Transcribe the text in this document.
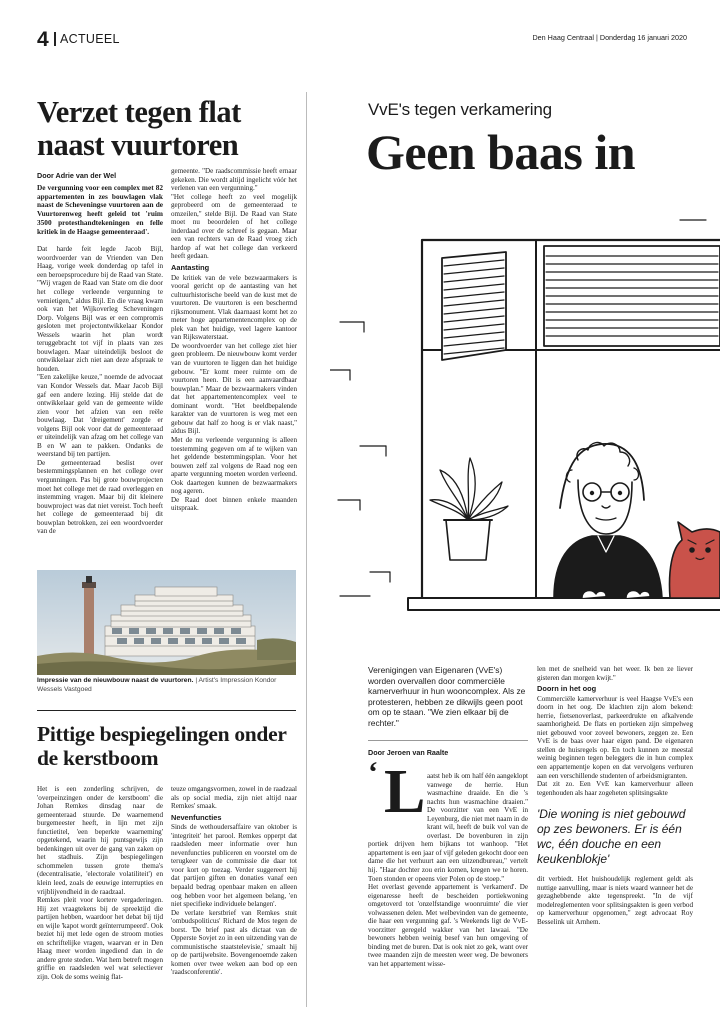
4 ACTUEEL	Den Haag Centraal | Donderdag 16 januari 2020
Verzet tegen flat naast vuurtoren
Door Adrie van der Wel
De vergunning voor een complex met 82 appartementen in zes bouwlagen vlak naast de Scheveningse vuurtoren aan de Vuurtorenweg heeft geleid tot 'ruim 3500 protesthandtekeningen en felle kritiek in de Haagse gemeenteraad'.
Dat harde feit legde Jacob Bijl, woordvoerder van de Vrienden van Den Haag, vorige week donderdag op tafel in een beroepsprocedure bij de Raad van State. "Wij vragen de Raad van State om die door het college verleende vergunning te vernietigen," aldus Bijl. En die vraag kwam ook van het Wijkoverleg Scheveningen Dorp. Volgens Bijl was er een compromis gesloten met projectontwikkelaar Kondor Wessels waarin het plan wordt teruggebracht tot vijf in plaats van zes bouwlagen. Maar uiteindelijk besloot de ontwikkelaar zich niet aan deze afspraak te houden.
"Een zakelijke keuze," noemde de advocaat van Kondor Wessels dat. Maar Jacob Bijl gaf een andere lezing. Hij stelde dat de ontwikkelaar geld van de gemeente wilde zien voor het afzien van een reële bouwlaag. Dat 'dreigement' zorgde er volgens Bijl ook voor dat de gemeenteraad er uiteindelijk van afzag om het college van B en W aan te pakken. Ondanks de weerstand bij ten partijen.
De gemeenteraad beslist over bestemmingsplannen en het college over vergunningen. Pas bij grote bouwprojecten moet het college met de raad overleggen en instemming vragen. Maar bij dit kleinere bouwproject was dat niet vereist. Toch heeft het college de gemeenteraad bij dit bouwplan betrokken, zei een woordvoerder van de
gemeente. "De raadscommissie heeft ernaar gekeken. Die wordt altijd ingelicht vóór het verlenen van een vergunning."
"Het college heeft zo veel mogelijk geprobeerd om de gemeenteraad te omzeilen," stelde Bijl. De Raad van State moet nu beoordelen of het college inderdaad over de schreef is gegaan. Maar een van rechters van de Raad vroeg zich hardop af wat het college dan verkeerd heeft gedaan.
Aantasting
De kritiek van de vele bezwaarmakers is vooral gericht op de aantasting van het cultuurhistorische beeld van de kust met de vuurtoren. De vuurtoren is een beschermd rijksmonument. Vlak daarnaast komt het zo meter hoge appartementencomplex op de plek van het huidige, veel lagere kantoor van Rijkswaterstaat.
De woordvoerder van het college ziet hier geen probleem. De nieuwbouw komt verder van de vuurtoren te liggen dan het huidige gebouw. "Er komt meer ruimte om de vuurtoren heen. Dit is een aanvaardbaar bouwplan." Maar de bezwaarmakers vinden dat het appartementencomplex veel te dominant wordt. "Het beeldbepalende karakter van de vuurtoren is weg met een gebouw dat half zo hoog is er vlak naast," aldus Bijl.
Met de nu verleende vergunning is alleen toestemming gegeven om af te wijken van het geldende bestemmingsplan. Voor het bouwen zelf zal volgens de Raad nog een aparte vergunning moeten worden verleend. Ook daartegen kunnen de bezwaarmakers nog ageren.
De Raad doet binnen enkele maanden uitspraak.
Impressie van de nieuwbouw naast de vuurtoren. | Artist's Impression Kondor Wessels Vastgoed
Pittige bespiegelingen onder de kerstboom
Het is een zonderling schrijven, de 'overpeinzingen onder de kerstboom' die Johan Remkes dinsdag naar de gemeenteraad stuurde. De waarnemend burgemeester heeft, in lijn met zijn functietitel, 'een beperkte waarneming' opgetekend, waarin hij puntsgewijs zijn bedenkingen uit over de gang van zaken op het stadhuis. Zijn bespiegelingen schommelen tussen grote thema's (decentralisatie, 'electorale volatiliteit') en klein leed, zoals de eeuwige interrupties en vrijblijvendheid in de raadzaal.
Remkes pleit voor kortere vergaderingen. Hij zet vraagtekens bij de spreektijd die partijen hebben, waardoor het debat bij tijd en wijle 'kapot wordt geïnterrumpeerd'. Ook beziet hij met lede ogen de stroom moties en schriftelijke vragen, waarvan er in Den Haag meer worden ingediend dan in de andere grote steden. Wat hem betreft mogen griffie en raadsleden wel wat selectiever zijn. Ook de soms weinig flat-
teuze omgangsvormen, zowel in de raadzaal als op social media, zijn niet altijd naar Remkes' smaak.
Nevenfuncties
Sinds de wethoudersaffaire van oktober is 'integriteit' het parool. Remkes opperpt dat raadsleden meer informatie over hun nevenfuncties publiceren en voorstel om de terugkeer van de commissie die daar tot voor kort op toezag. Verder suggereert hij dat partijen giften en donaties vanaf een bepaald bedrag openbaar maken en alleen oog hebben voor het algemeen belang, 'en niet specifieke individuele belangen'.
De verlate kerstbrief van Remkes stuit 'ombudspoliticus' Richard de Mos tegen de borst. 'De brief past als dictaat van de Opperste Sovjet zo in een uitzending van de communistische staatstelevisie,' smaalt hij op de partijwebsite. Bovengenoemde zaken komen over twee weken aan bod op een 'raadsconferentie'.
VvE's tegen verkamering
Geen baas in
Verenigingen van Eigenaren (VvE's) worden overvallen door commerciële kamerverhuur in hun wooncomplex. Als ze protesteren, hebben ze dikwijls geen poot om op te staan. "We zien elkaar bij de rechter."
Door Jeroen van Raalte
‘ L aatst heb ik om half één aangeklopt vanwege de herrie. Hun wasmachine draaide. En die 's nachts hun wasmachine draaien." De voorzitter van een VvE in Leyenburg, die niet met naam in de krant wil, heeft de buik vol van de overlast. De bovenburen in zijn portiek drijven hem bijkans tot wanhoop. "Het appartement is een jaar of vijf geleden gekocht door een dame die het verhuurt aan een uitzendbureau," vertelt hij. "Haar dochter zou erin komen, kregen we te horen. Toen stonden er opeens vier Polen op de stoep."
Het overlast gevende appartement is 'verkamerd'. De eigenaresse heeft de bescheiden portiekwoning omgetoverd tot 'onzelfstandige woonruimte' die vier volwassenen delen. Met welbevinden van de gemeente, die haar een vergunning gaf. 's Weekends ligt de VvE-voorzitter geregeld wakker van het lawaai. "De bewoners hebben weinig besef van hun omgeving of binding met de buren. Dat is ook niet zo gek, want over twee maanden zijn de meesten weer weg. De bewoners van het appartement wisse-
len met de snelheid van het weer. Ik ben ze liever gisteren dan morgen kwijt."
Doorn in het oog
Commerciële kamerverhuur is veel Haagse VvE's een doorn in het oog. De klachten zijn alom bekend: herrie, fietsenoverlast, parkeerdrukte en afkalvende saamhorigheid. De flats en portieken zijn simpelweg niet gebouwd voor zoveel bewoners, zeggen ze. Een VvE is de baas over haar eigen pand. De eigenaren stellen de huisregels op. En toch kunnen ze meestal weinig beginnen tegen beleggers die in hun complex een appartementje kopen en dat vervolgens verhuren aan een verschillende studenten of arbeidsmigranten.
Dat zit zo. Een VvE kan kamerverhuur alleen tegenhouden als haar zogeheten splitsingsakte
'Die woning is niet gebouwd op zes bewoners. Er is één wc, één douche en een keukenblokje'
dit verbiedt. Het huishoudelijk reglement geldt als nuttige aanvulling, maar is niets waard wanneer het de gezaghebbende akte tegenspreekt. "In de vijf modelreglementen voor splitsingsakten is geen verbod op kamerverhuur opgenomen," zegt advocaat Roy Besselink uit Arnhem.
